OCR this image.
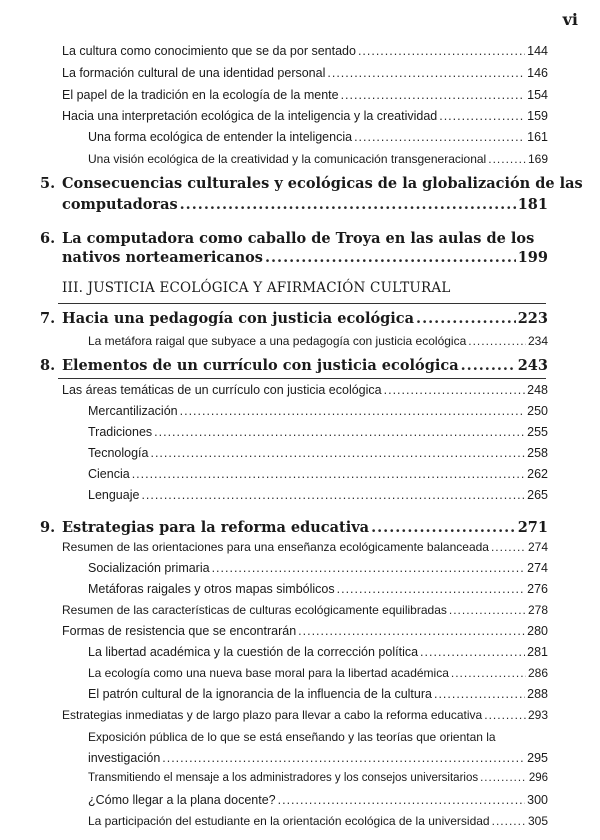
vi
La cultura como conocimiento que se da por sentado .....	144
La formación cultural de una identidad personal .....	146
El papel de la tradición en la ecología de la mente .....	154
Hacia una interpretación ecológica de la inteligencia y la creatividad .....	159
Una forma ecológica de entender la inteligencia .....	161
Una visión ecológica de la creatividad y la comunicación transgeneracional .....	169
5. Consecuencias culturales y ecológicas de la globalización de las
computadoras .....	181
6. La computadora como caballo de Troya en las aulas de los
nativos norteamericanos .....	199
III. JUSTICIA ECOLÓGICA Y AFIRMACIÓN CULTURAL
7. Hacia una pedagogía con justicia ecológica .....	223
La metáfora raigal que subyace a una pedagogía con justicia ecológica .....	234
8. Elementos de un currículo con justicia ecológica .....	243
Las áreas temáticas de un currículo con justicia ecológica .....	248
Mercantilización .....	250
Tradiciones .....	255
Tecnología .....	258
Ciencia .....	262
Lenguaje .....	265
9. Estrategias para la reforma educativa .....	271
Resumen de las orientaciones para una enseñanza ecológicamente balanceada .....	274
Socialización primaria .....	274
Metáforas raigales y otros mapas simbólicos .....	276
Resumen de las características de culturas ecológicamente equilibradas .....	278
Formas de resistencia que se encontrarán .....	280
La libertad académica y la cuestión de la corrección política .....	281
La ecología como una nueva base moral para la libertad académica .....	286
El patrón cultural de la ignorancia de la influencia de la cultura .....	288
Estrategias inmediatas y de largo plazo para llevar a cabo la reforma educativa .....	293
Exposición pública de lo que se está enseñando y las teorías que orientan la
investigación .....	295
Transmitiendo el mensaje a los administradores y los consejos universitarios .....	296
¿Cómo llegar a la plana docente? .....	300
La participación del estudiante en la orientación ecológica de la universidad .....	305
